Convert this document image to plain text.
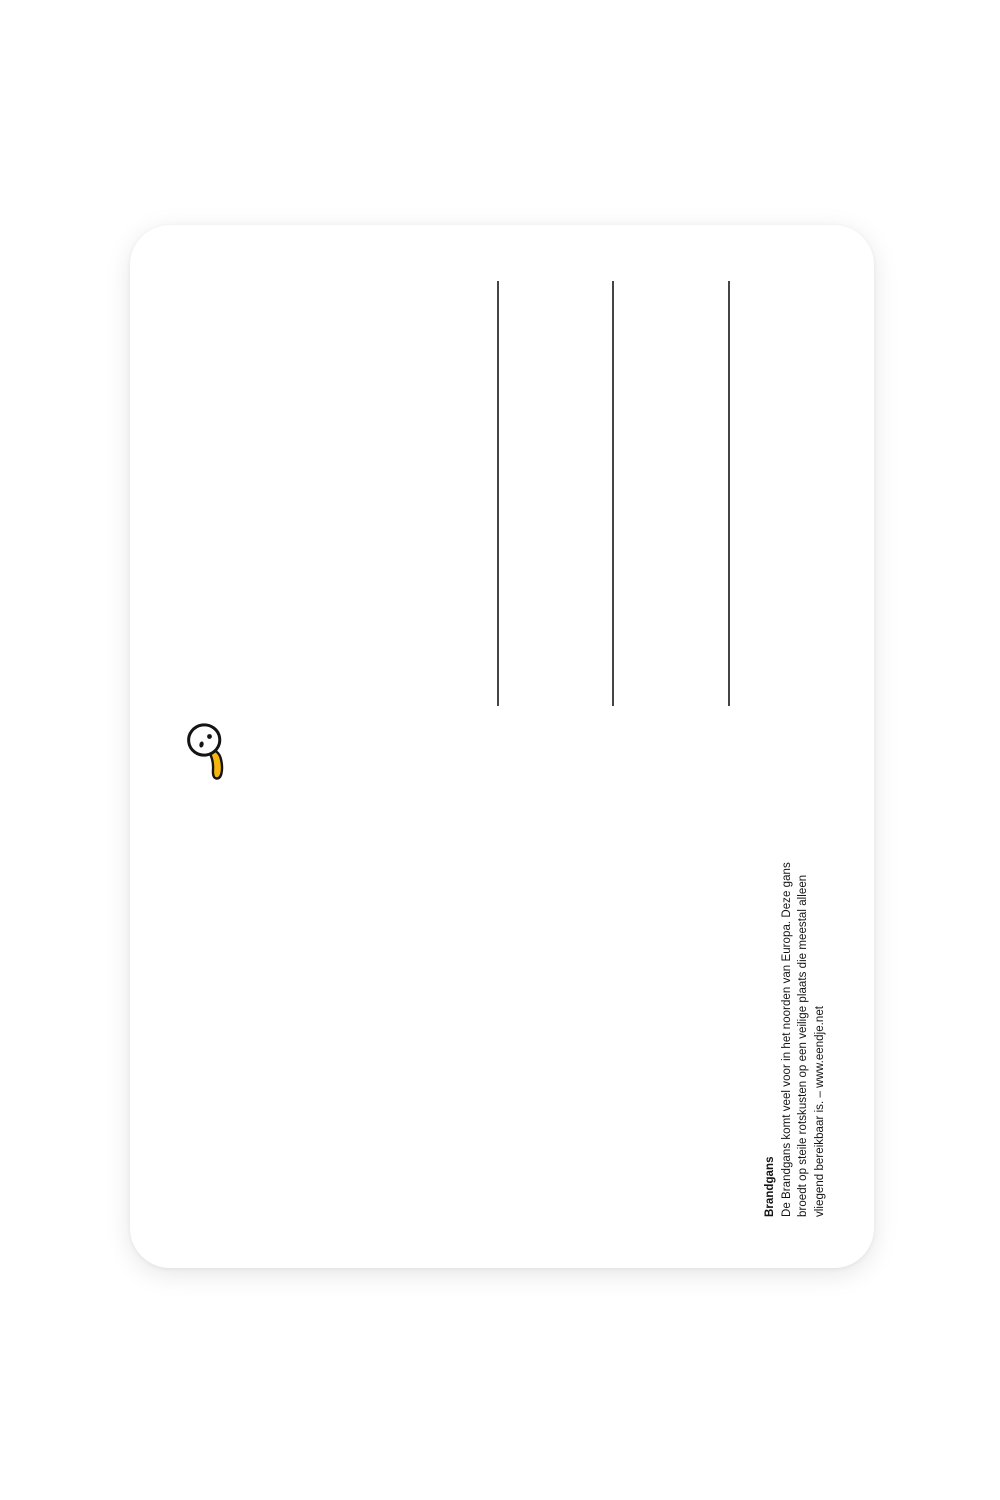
Brandgans De Brandgans komt veel voor in het noorden van Europa. Deze gans broedt op steile rotskusten op een veilige plaats die meestal alleen vliegend bereikbaar is. – www.eendje.net
